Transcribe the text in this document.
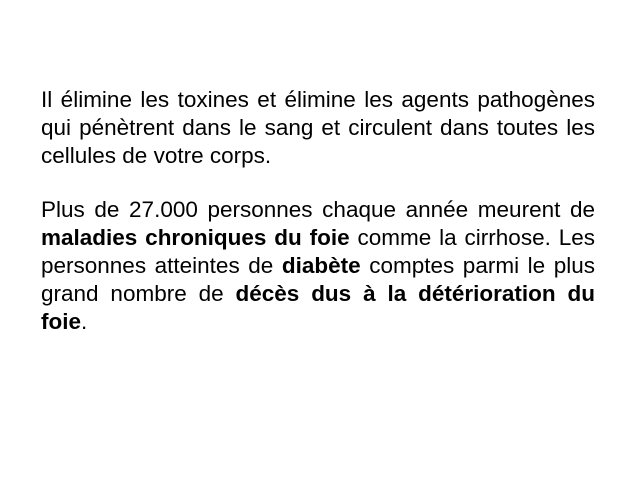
Il élimine les toxines et élimine les agents pathogènes qui pénètrent dans le sang et circulent dans toutes les cellules de votre corps.

Plus de 27.000 personnes chaque année meurent de maladies chroniques du foie comme la cirrhose. Les personnes atteintes de diabète comptes parmi le plus grand nombre de décès dus à la détérioration du foie.
